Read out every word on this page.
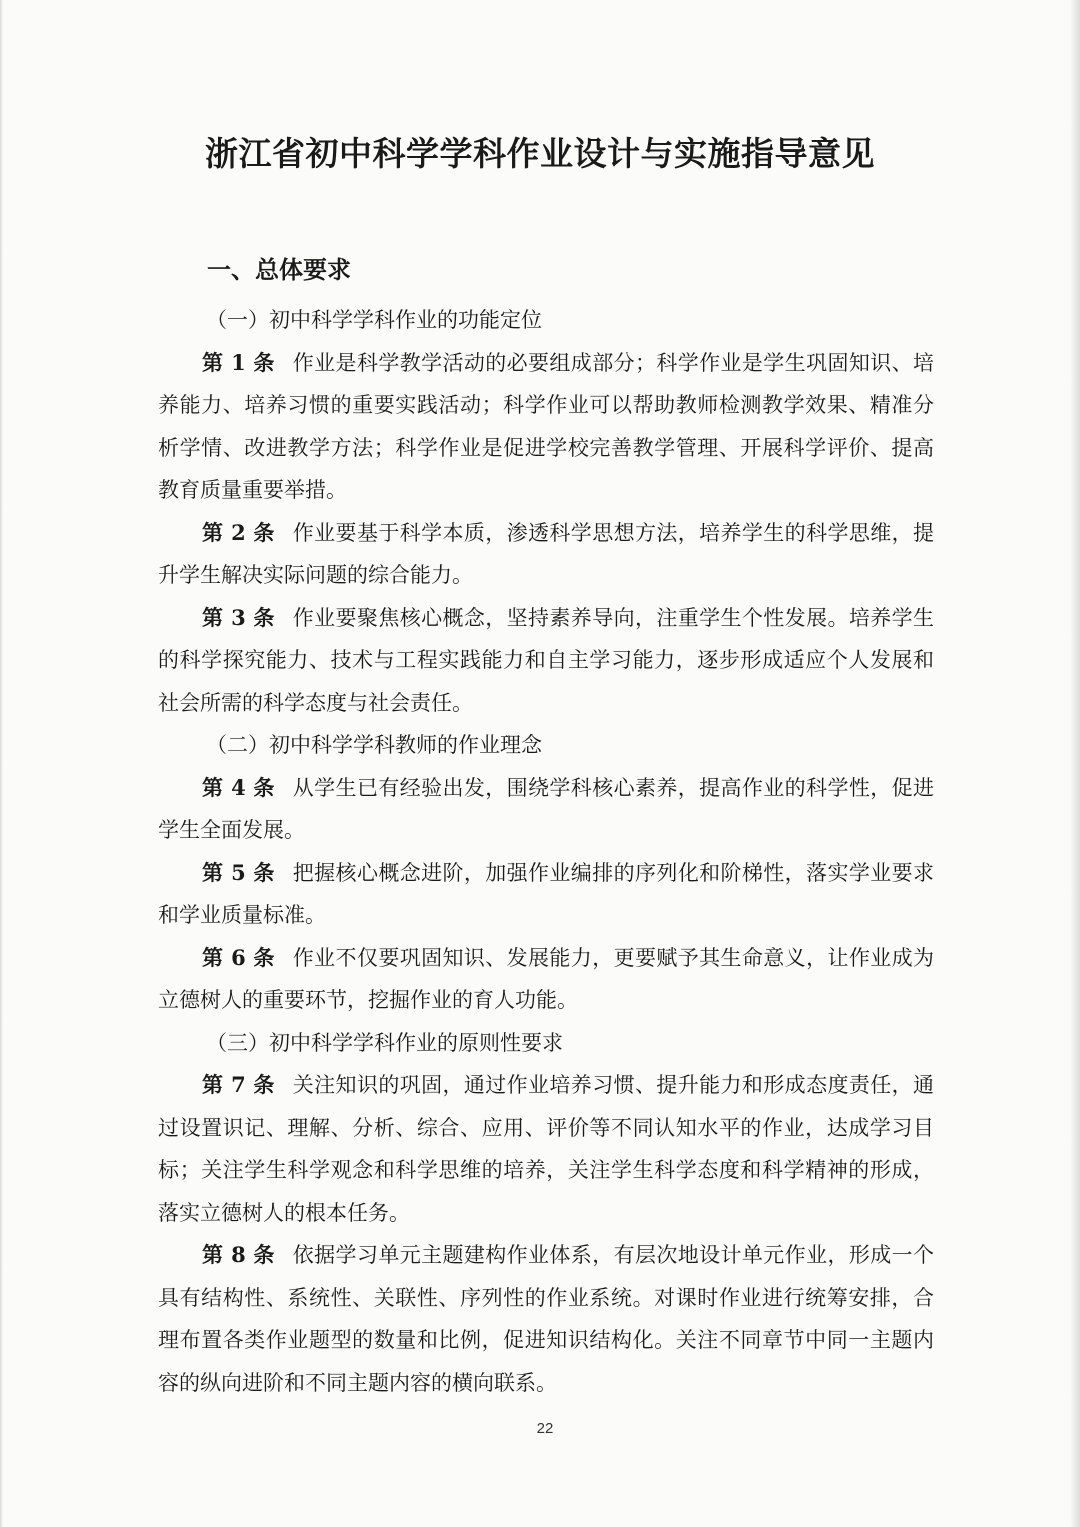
浙江省初中科学学科作业设计与实施指导意见
一、总体要求

（一）初中科学学科作业的功能定位

第 1 条 作业是科学教学活动的必要组成部分；科学作业是学生巩固知识、培养能力、培养习惯的重要实践活动；科学作业可以帮助教师检测教学效果、精准分析学情、改进教学方法；科学作业是促进学校完善教学管理、开展科学评价、提高教育质量重要举措。

第 2 条 作业要基于科学本质，渗透科学思想方法，培养学生的科学思维，提升学生解决实际问题的综合能力。

第 3 条 作业要聚焦核心概念，坚持素养导向，注重学生个性发展。培养学生的科学探究能力、技术与工程实践能力和自主学习能力，逐步形成适应个人发展和社会所需的科学态度与社会责任。

（二）初中科学学科教师的作业理念

第 4 条 从学生已有经验出发，围绕学科核心素养，提高作业的科学性，促进学生全面发展。

第 5 条 把握核心概念进阶，加强作业编排的序列化和阶梯性，落实学业要求和学业质量标准。

第 6 条 作业不仅要巩固知识、发展能力，更要赋予其生命意义，让作业成为立德树人的重要环节，挖掘作业的育人功能。

（三）初中科学学科作业的原则性要求

第 7 条 关注知识的巩固，通过作业培养习惯、提升能力和形成态度责任，通过设置识记、理解、分析、综合、应用、评价等不同认知水平的作业，达成学习目标；关注学生科学观念和科学思维的培养，关注学生科学态度和科学精神的形成，落实立德树人的根本任务。

第 8 条 依据学习单元主题建构作业体系，有层次地设计单元作业，形成一个具有结构性、系统性、关联性、序列性的作业系统。对课时作业进行统筹安排，合理布置各类作业题型的数量和比例，促进知识结构化。关注不同章节中同一主题内容的纵向进阶和不同主题内容的横向联系。

22
